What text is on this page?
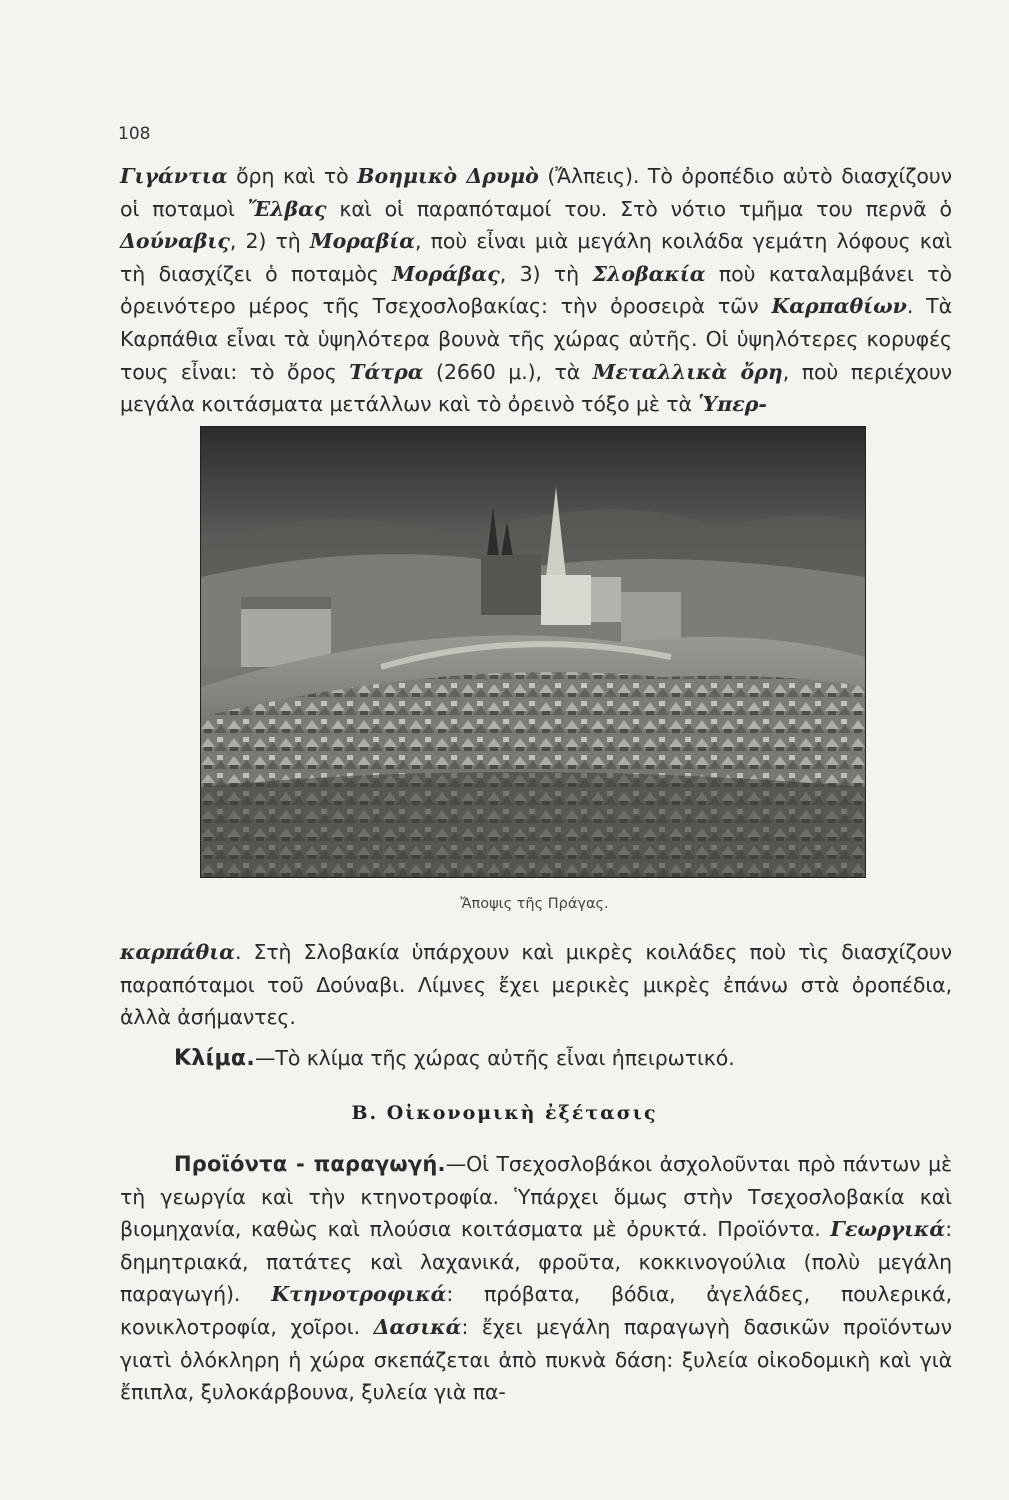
108

Γιγάντια ὄρη καὶ τὸ Βοημικὸ Δρυμὸ (Ἄλπεις). Τὸ ὀροπέδιο αὐτὸ διασχίζουν οἱ ποταμοὶ Ἔλβας καὶ οἱ παραπόταμοί του. Στὸ νότιο τμῆμα του περνᾶ ὁ Δούναβις, 2) τὴ Μοραβία, ποὺ εἶναι μιὰ μεγάλη κοιλάδα γεμάτη λόφους καὶ τὴ διασχίζει ὁ ποταμὸς Μοράβας, 3) τὴ Σλοβακία ποὺ καταλαμβάνει τὸ ὀρεινότερο μέρος τῆς Τσεχοσλοβακίας: τὴν ὀροσειρὰ τῶν Καρπαθίων. Τὰ Καρπάθια εἶναι τὰ ὑψηλότερα βουνὰ τῆς χώρας αὐτῆς. Οἱ ὑψηλότερες κορυφές τους εἶναι: τὸ ὄρος Τάτρα (2660 μ.), τὰ Μεταλλικὰ ὄρη, ποὺ περιέχουν μεγάλα κοιτάσματα μετάλλων καὶ τὸ ὀρεινὸ τόξο μὲ τὰ Ὑπερ-

Ἄποψις τῆς Πράγας.

καρπάθια. Στὴ Σλοβακία ὑπάρχουν καὶ μικρὲς κοιλάδες ποὺ τὶς διασχίζουν παραπόταμοι τοῦ Δούναβι. Λίμνες ἔχει μερικὲς μικρὲς ἐπάνω στὰ ὀροπέδια, ἀλλὰ ἀσήμαντες.

Κλίμα.—Τὸ κλίμα τῆς χώρας αὐτῆς εἶναι ἠπειρωτικό.

Β. Οἰκονομικὴ ἐξέτασις

Προϊόντα - παραγωγή.—Οἱ Τσεχοσλοβάκοι ἀσχολοῦνται πρὸ πάντων μὲ τὴ γεωργία καὶ τὴν κτηνοτροφία. Ὑπάρχει ὅμως στὴν Τσεχοσλοβακία καὶ βιομηχανία, καθὼς καὶ πλούσια κοιτάσματα μὲ ὀρυκτά. Προϊόντα. Γεωργικά: δημητριακά, πατάτες καὶ λαχανικά, φροῦτα, κοκκινογούλια (πολὺ μεγάλη παραγωγή). Κτηνοτροφικά: πρόβατα, βόδια, ἀγελάδες, πουλερικά, κονικλοτροφία, χοῖροι. Δασικά: ἔχει μεγάλη παραγωγὴ δασικῶν προϊόντων γιατὶ ὁλόκληρη ἡ χώρα σκεπάζεται ἀπὸ πυκνὰ δάση: ξυλεία οἰκοδομικὴ καὶ γιὰ ἔπιπλα, ξυλοκάρβουνα, ξυλεία γιὰ πα-
